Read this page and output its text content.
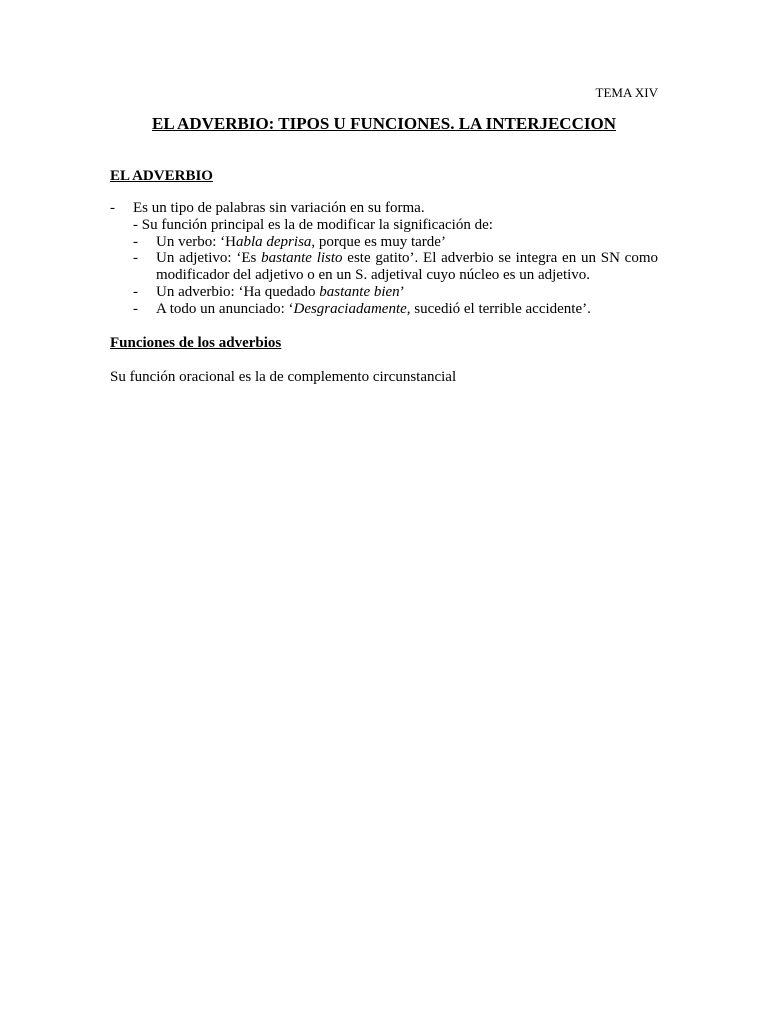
TEMA XIV
EL ADVERBIO: TIPOS U FUNCIONES. LA INTERJECCION
EL ADVERBIO
- Es un tipo de palabras sin variación en su forma.
- Su función principal es la de modificar la significación de:
- Un verbo: ‘Habla deprisa, porque es muy tarde’
- Un adjetivo: ‘Es bastante listo este gatito’. El adverbio se integra en un SN como modificador del adjetivo o en un S. adjetival cuyo núcleo es un adjetivo.
- Un adverbio: ‘Ha quedado bastante bien’
- A todo un anunciado: ‘Desgraciadamente, sucedió el terrible accidente’.
Funciones de los adverbios
Su función oracional es la de complemento circunstancial
